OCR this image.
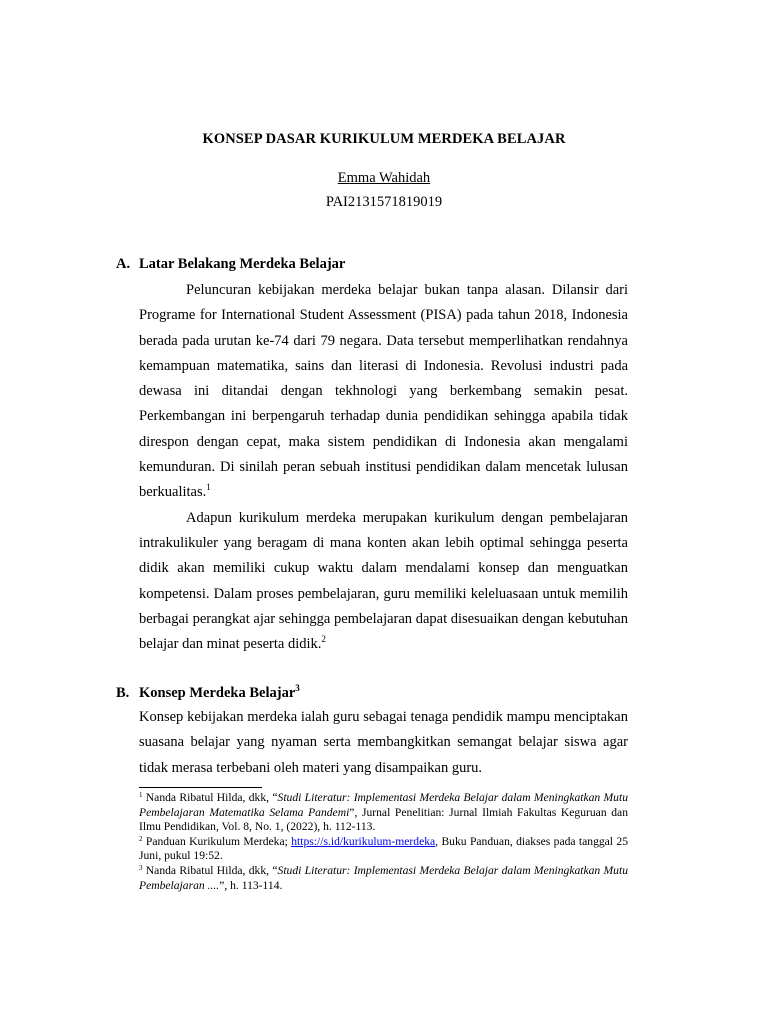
KONSEP DASAR KURIKULUM MERDEKA BELAJAR
Emma Wahidah
PAI2131571819019
A. Latar Belakang Merdeka Belajar

Peluncuran kebijakan merdeka belajar bukan tanpa alasan. Dilansir dari Programe for International Student Assessment (PISA) pada tahun 2018, Indonesia berada pada urutan ke-74 dari 79 negara. Data tersebut memperlihatkan rendahnya kemampuan matematika, sains dan literasi di Indonesia. Revolusi industri pada dewasa ini ditandai dengan tekhnologi yang berkembang semakin pesat. Perkembangan ini berpengaruh terhadap dunia pendidikan sehingga apabila tidak direspon dengan cepat, maka sistem pendidikan di Indonesia akan mengalami kemunduran. Di sinilah peran sebuah institusi pendidikan dalam mencetak lulusan berkualitas.$^1$

Adapun kurikulum merdeka merupakan kurikulum dengan pembelajaran intrakulikuler yang beragam di mana konten akan lebih optimal sehingga peserta didik akan memiliki cukup waktu dalam mendalami konsep dan menguatkan kompetensi. Dalam proses pembelajaran, guru memiliki keleluasaan untuk memilih berbagai perangkat ajar sehingga pembelajaran dapat disesuaikan dengan kebutuhan belajar dan minat peserta didik.$^2$

B. Konsep Merdeka Belajar$^3$

Konsep kebijakan merdeka ialah guru sebagai tenaga pendidik mampu menciptakan suasana belajar yang nyaman serta membangkitkan semangat belajar siswa agar tidak merasa terbebani oleh materi yang disampaikan guru.

$^1$ Nanda Ribatul Hilda, dkk, “Studi Literatur: Implementasi Merdeka Belajar dalam Meningkatkan Mutu Pembelajaran Matematika Selama Pandemi”, Jurnal Penelitian: Jurnal Ilmiah Fakultas Keguruan dan Ilmu Pendidikan, Vol. 8, No. 1, (2022), h. 112-113.

$^2$ Panduan Kurikulum Merdeka; https://s.id/kurikulum-merdeka, Buku Panduan, diakses pada tanggal 25 Juni, pukul 19:52.

$^3$ Nanda Ribatul Hilda, dkk, “Studi Literatur: Implementasi Merdeka Belajar dalam Meningkatkan Mutu Pembelajaran ....”, h. 113-114.
